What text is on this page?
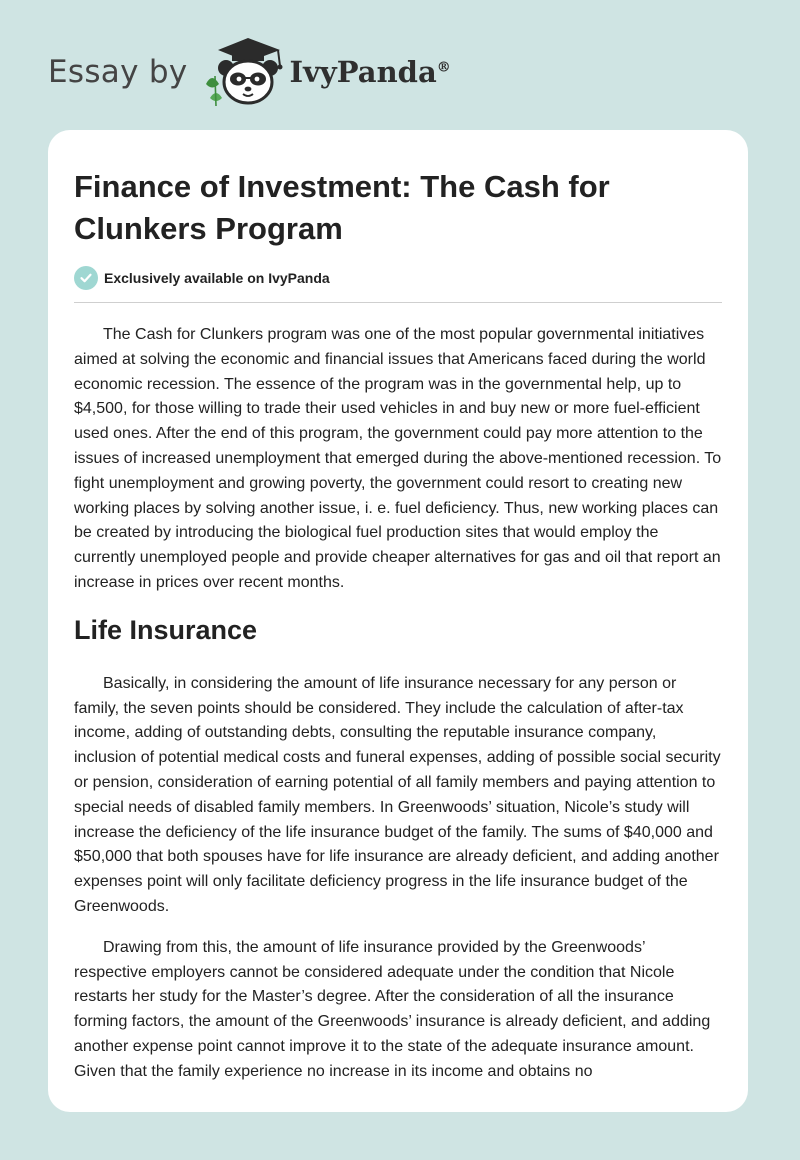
Essay by	IvyPanda®
Finance of Investment: The Cash for Clunkers Program
Exclusively available on IvyPanda

The Cash for Clunkers program was one of the most popular governmental initiatives aimed at solving the economic and financial issues that Americans faced during the world economic recession. The essence of the program was in the governmental help, up to $4,500, for those willing to trade their used vehicles in and buy new or more fuel-efficient used ones. After the end of this program, the government could pay more attention to the issues of increased unemployment that emerged during the above-mentioned recession. To fight unemployment and growing poverty, the government could resort to creating new working places by solving another issue, i. e. fuel deficiency. Thus, new working places can be created by introducing the biological fuel production sites that would employ the currently unemployed people and provide cheaper alternatives for gas and oil that report an increase in prices over recent months.

Life Insurance

Basically, in considering the amount of life insurance necessary for any person or family, the seven points should be considered. They include the calculation of after-tax income, adding of outstanding debts, consulting the reputable insurance company, inclusion of potential medical costs and funeral expenses, adding of possible social security or pension, consideration of earning potential of all family members and paying attention to special needs of disabled family members. In Greenwoods’ situation, Nicole’s study will increase the deficiency of the life insurance budget of the family. The sums of $40,000 and $50,000 that both spouses have for life insurance are already deficient, and adding another expenses point will only facilitate deficiency progress in the life insurance budget of the Greenwoods.

Drawing from this, the amount of life insurance provided by the Greenwoods’ respective employers cannot be considered adequate under the condition that Nicole restarts her study for the Master’s degree. After the consideration of all the insurance forming factors, the amount of the Greenwoods’ insurance is already deficient, and adding another expense point cannot improve it to the state of the adequate insurance amount. Given that the family experience no increase in its income and obtains no
